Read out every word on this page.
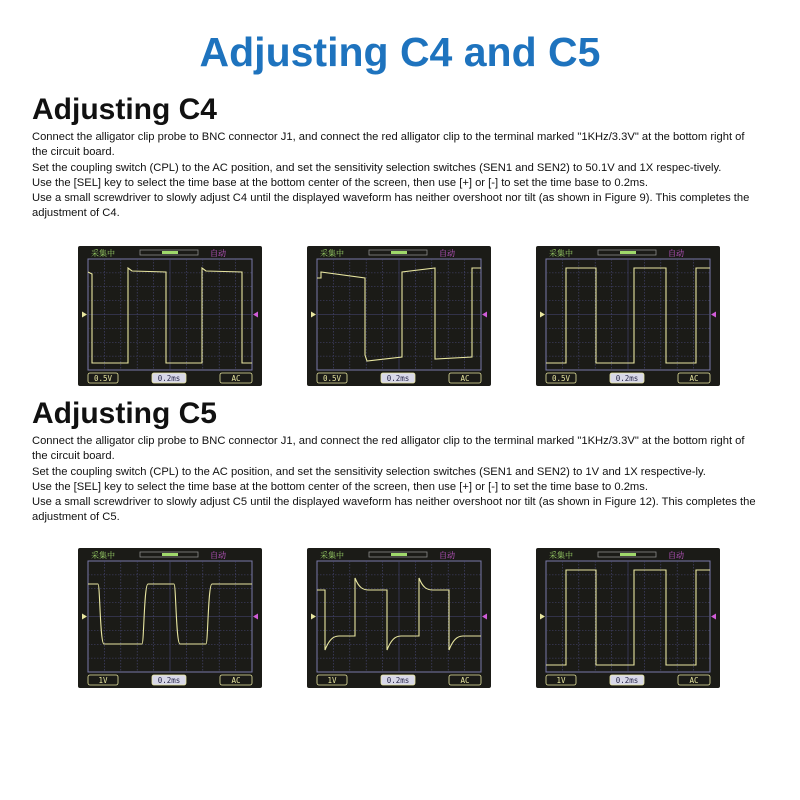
Adjusting C4 and C5
Adjusting C4

Connect the alligator clip probe to BNC connector J1, and connect the red alligator clip to the terminal marked "1KHz/3.3V" at the bottom right of the circuit board.

Set the coupling switch (CPL) to the AC position, and set the sensitivity selection switches (SEN1 and SEN2) to 50.1V and 1X respec-tively.

Use the [SEL] key to select the time base at the bottom center of the screen, then use [+] or [-] to set the time base to 0.2ms.

Use a small screwdriver to slowly adjust C4 until the displayed waveform has neither overshoot nor tilt (as shown in Figure 9). This completes the adjustment of C4.

采集中	自动
0.5V	0.2ms	AC
采集中	自动
0.5V	0.2ms	AC
采集中	自动
0.5V	0.2ms	AC
Adjusting C5

Connect the alligator clip probe to BNC connector J1, and connect the red alligator clip to the terminal marked "1KHz/3.3V" at the bottom right of the circuit board.

Set the coupling switch (CPL) to the AC position, and set the sensitivity selection switches (SEN1 and SEN2) to 1V and 1X respective-ly.

Use the [SEL] key to select the time base at the bottom center of the screen, then use [+] or [-] to set the time base to 0.2ms.

Use a small screwdriver to slowly adjust C5 until the displayed waveform has neither overshoot nor tilt (as shown in Figure 12). This completes the adjustment of C5.

采集中	自动
1V	0.2ms	AC
采集中	自动
1V	0.2ms	AC
采集中	自动
1V	0.2ms	AC
